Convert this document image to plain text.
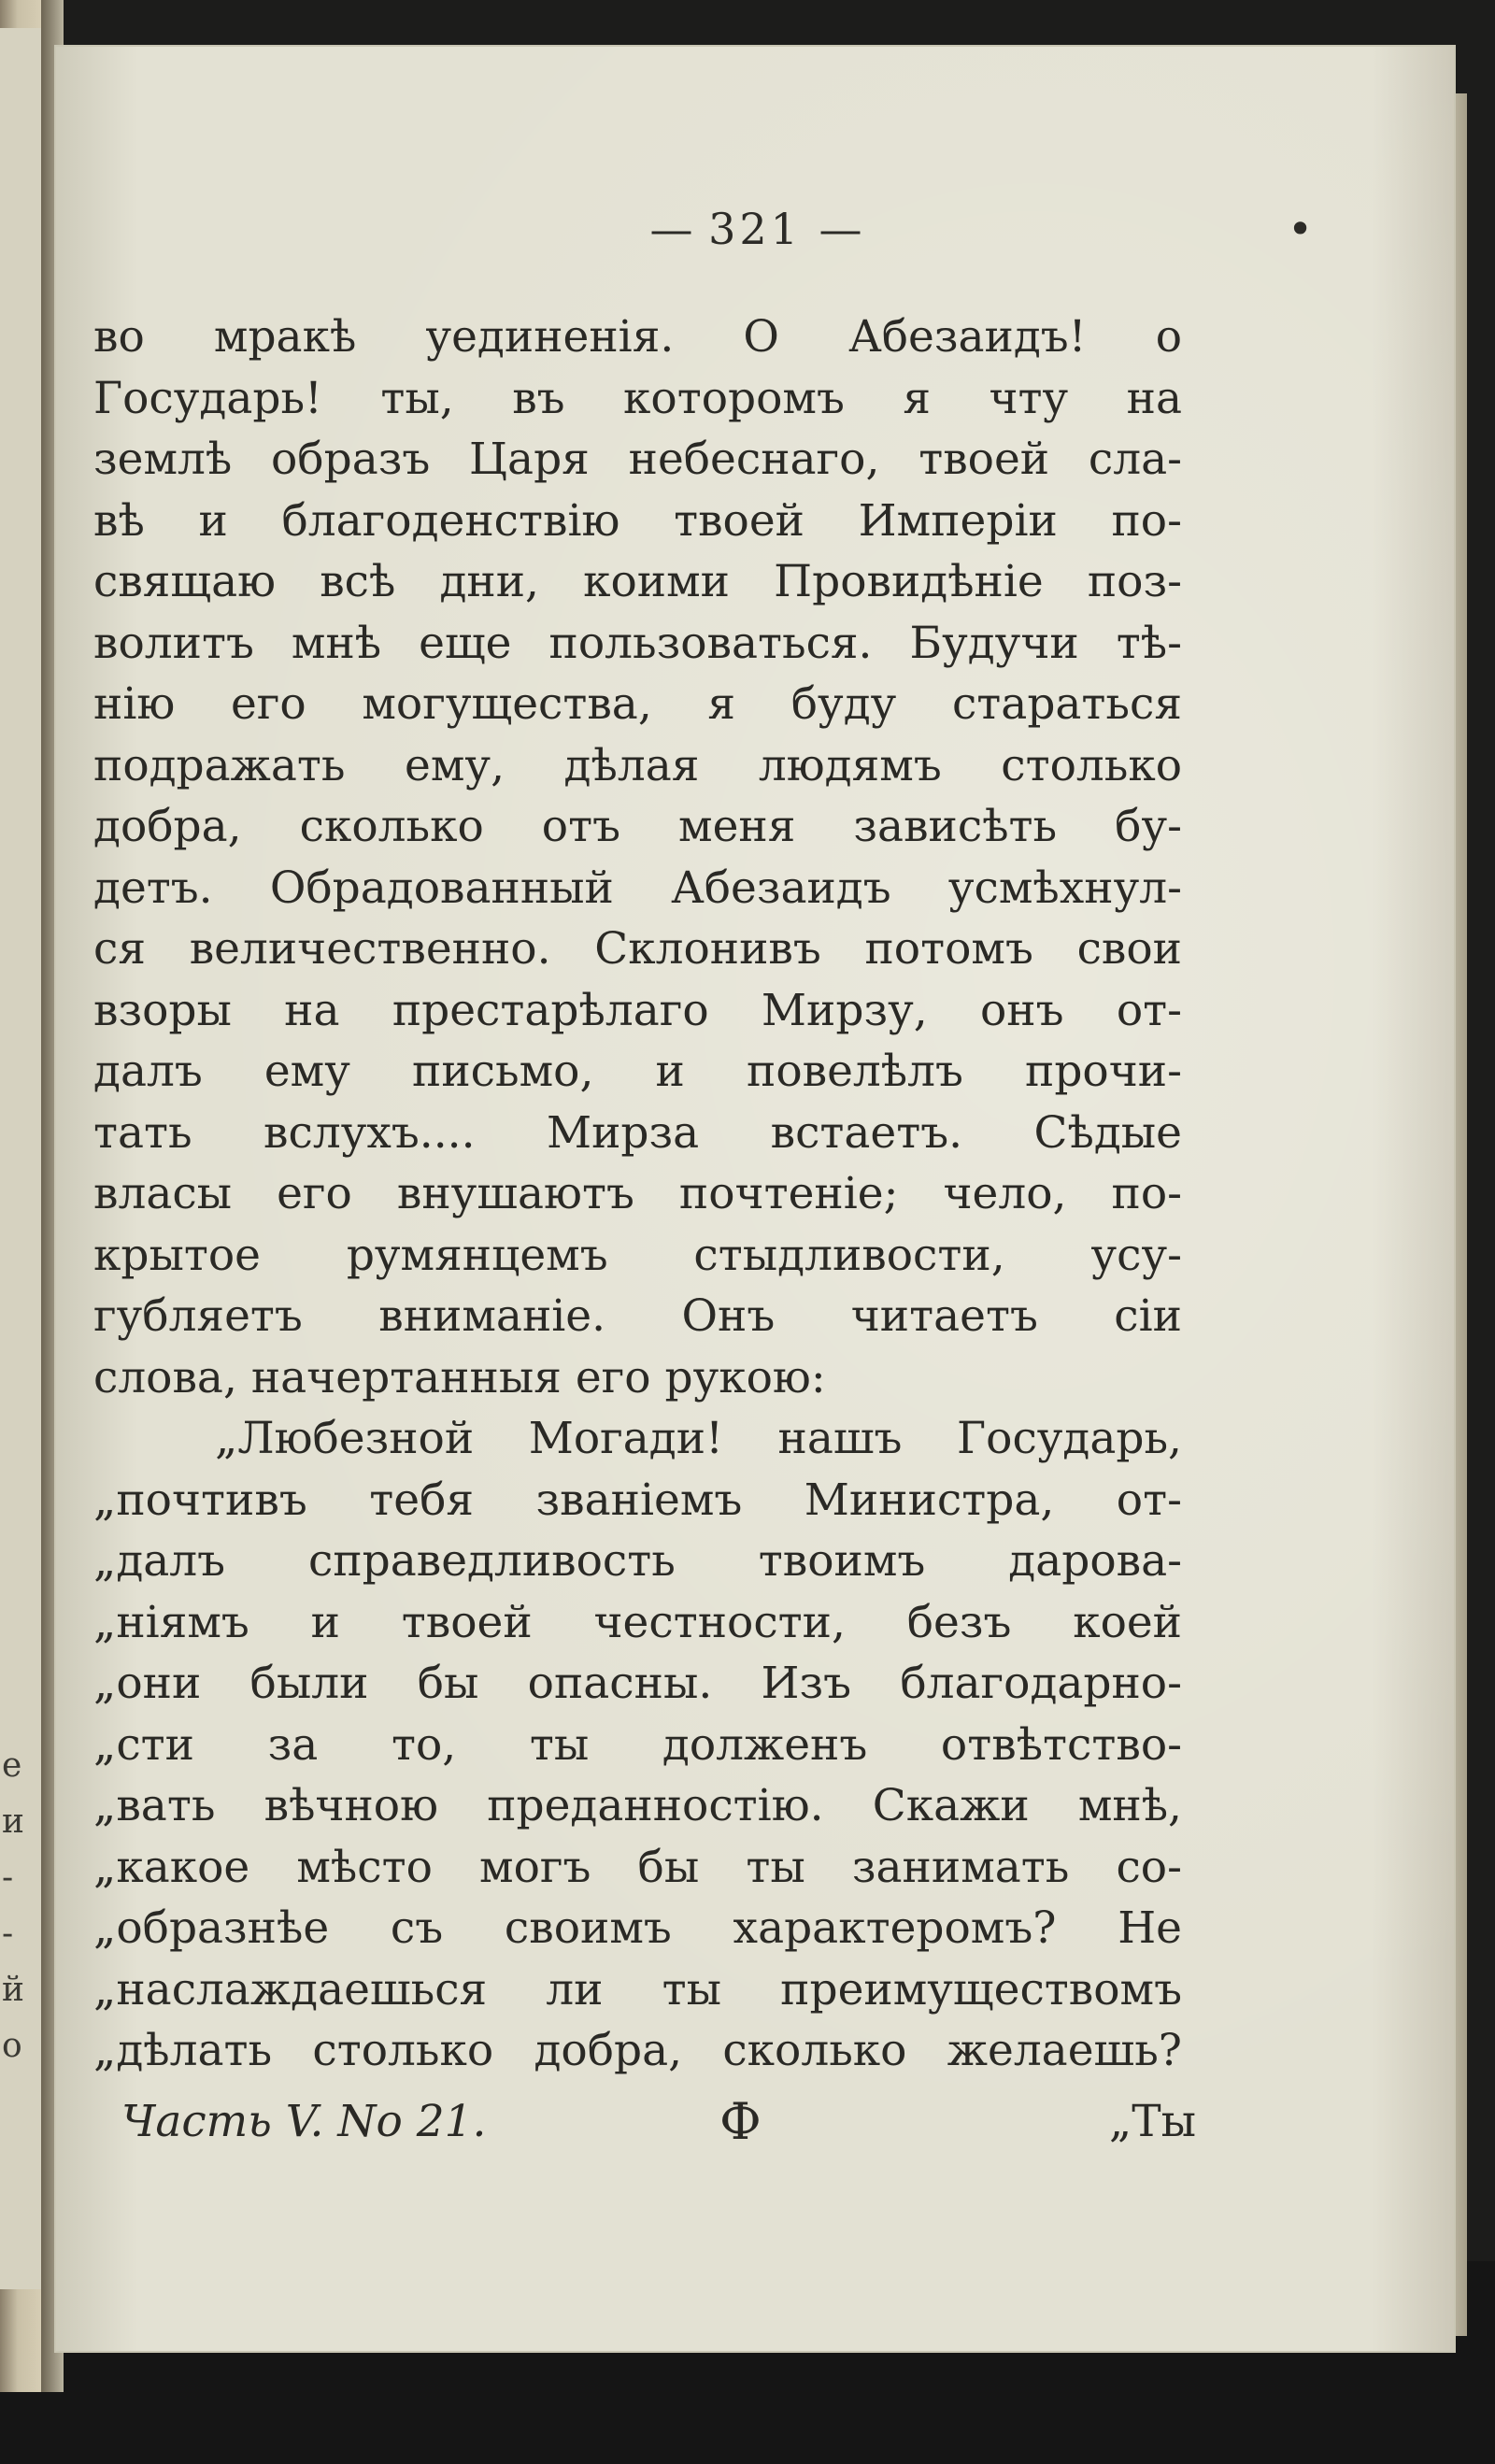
е
и
-
-
й
о
— 321 —	•
во мракѣ уединенія. О Абезаидъ! о
Государь! ты, въ которомъ я чту на
землѣ образъ Царя небеснаго, твоей сла-
вѣ и благоденствію твоей Имперіи по-
свящаю всѣ дни, коими Провидѣніе поз-
волитъ мнѣ еще пользоваться. Будучи тѣ-
нію его могущества, я буду стараться
подражать ему, дѣлая людямъ столько
добра, сколько отъ меня зависѣть бу-
детъ. Обрадованный Абезаидъ усмѣхнул-
ся величественно. Склонивъ потомъ свои
взоры на престарѣлаго Мирзу, онъ от-
далъ ему письмо, и повелѣлъ прочи-
тать вслухъ.... Мирза встаетъ. Сѣдые
власы его внушаютъ почтеніе; чело, по-
крытое румянцемъ стыдливости, усу-
губляетъ вниманіе. Онъ читаетъ сіи
слова, начертанныя его рукою:
„Любезной Могади! нашъ Государь,
„почтивъ тебя званіемъ Министра, от-
„далъ справедливость твоимъ дарова-
„ніямъ и твоей честности, безъ коей
„они были бы опасны. Изъ благодарно-
„сти за то, ты долженъ отвѣтство-
„вать вѣчною преданностію. Скажи мнѣ,
„какое мѣсто могъ бы ты занимать со-
„образнѣе съ своимъ характеромъ? Не
„наслаждаешься ли ты преимуществомъ
„дѣлать столько добра, сколько желаешь?
Часть V. No 21.	Ф	„Ты
